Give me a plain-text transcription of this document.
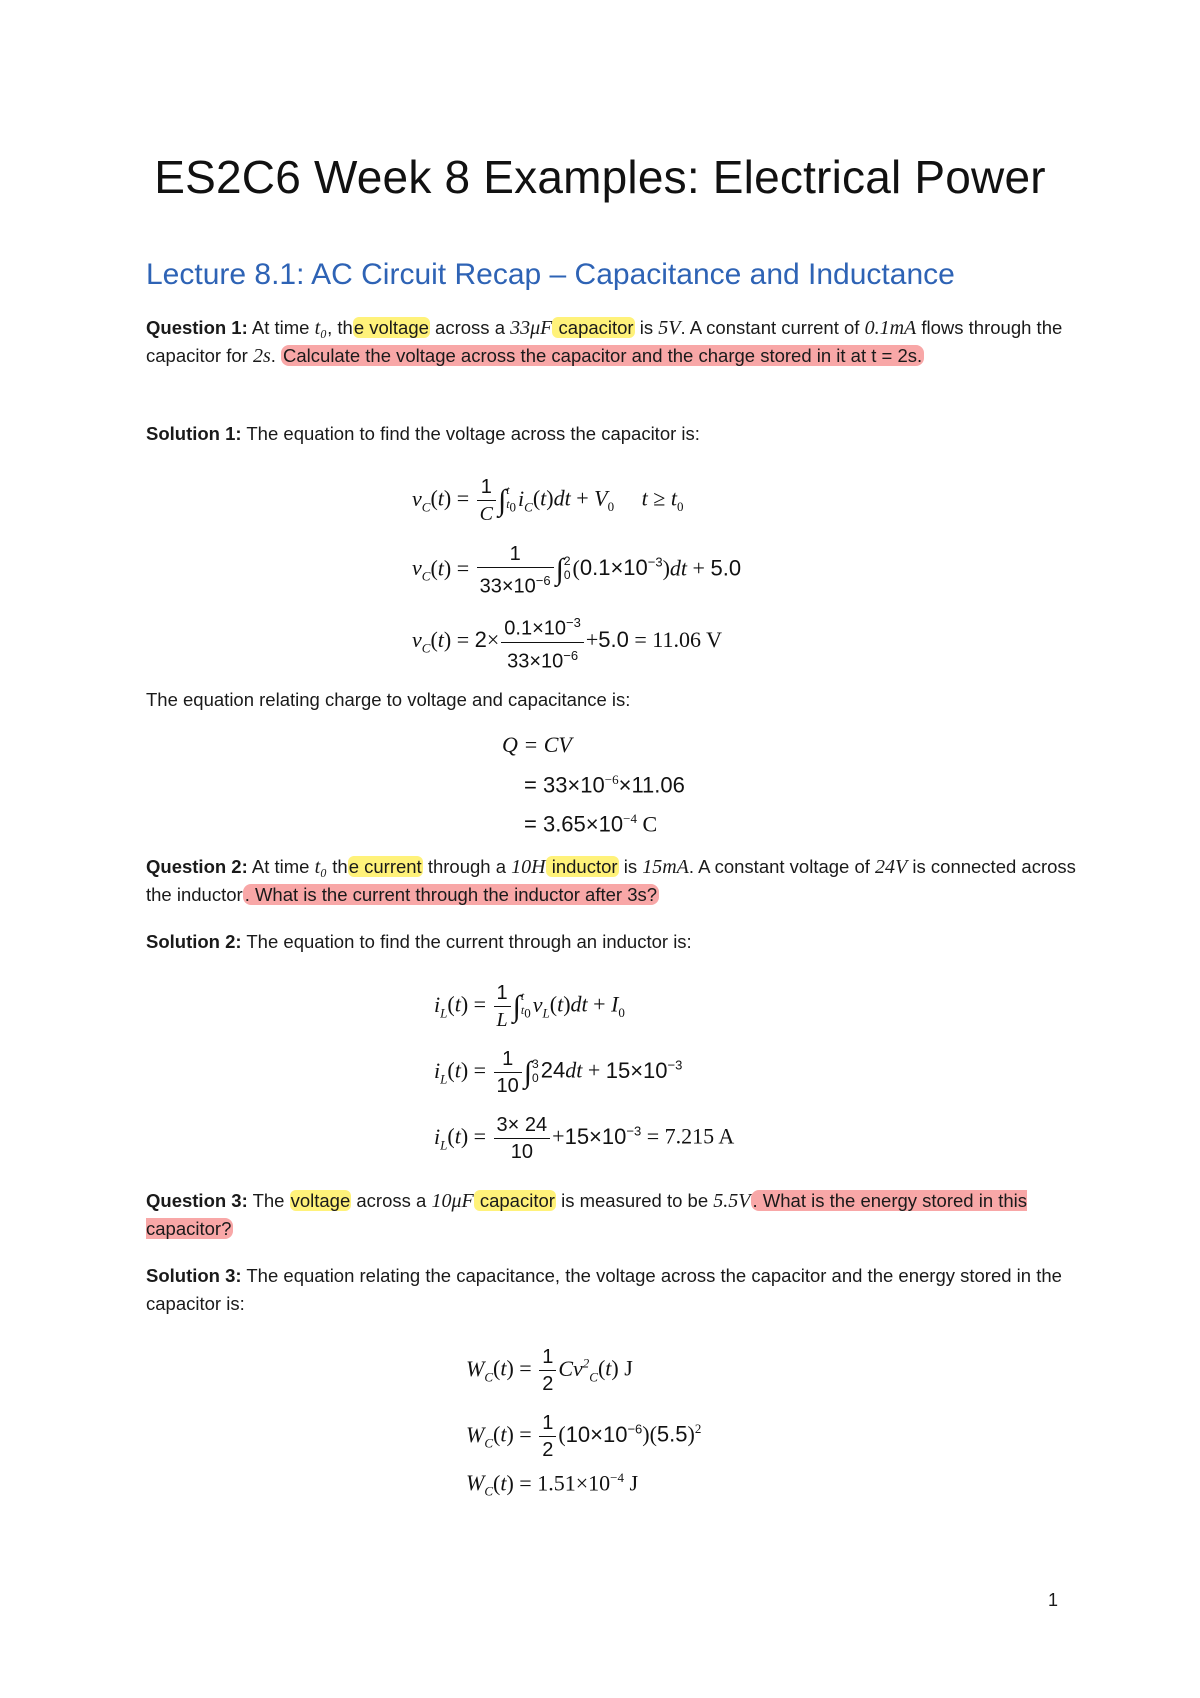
ES2C6 Week 8 Examples: Electrical Power
Lecture 8.1: AC Circuit Recap – Capacitance and Inductance
Question 1: At time t₀, the voltage across a 33μF capacitor is 5V. A constant current of 0.1mA flows through the capacitor for 2s. Calculate the voltage across the capacitor and the charge stored in it at t = 2s.
Solution 1: The equation to find the voltage across the capacitor is:
$v_C(t) = \frac{1}{C} \int t$
$t_0i_C(t)dt + V_0$ $t \ge t_0$
$v_C(t) = \frac{1}{33\times 10^{-6}} \int 2$
$0(0.1\times 10^{-3})dt + 5.0$
$v_C(t) = 2\times \frac{0.1\times 10^{-3}}{33\times 10^{-6}} +5.0 = 11.06$ V
The equation relating charge to voltage and capacitance is:
Q = CV
= $33\times 10^{-6}\times 11.06$
= $3.65\times 10^{-4}$ C
Question 2: At time t₀ the current through a 10H inductor is 15mA. A constant voltage of 24V is connected across the inductor . What is the current through the inductor after 3s?
Solution 2: The equation to find the current through an inductor is:
$i_L(t) = \frac{1}{L} \int t$
$t_0v_L(t)dt + I_0$
$i_L(t) = \frac{1}{10} \int 3$
$024dt + 15\times 10^{-3}$
$i_L(t) = \frac{3\times 24}{10} +15\times 10^{-3} = 7.215$ A
Question 3: The voltage across a 10μF capacitor is measured to be 5.5V . What is the energy stored in this capacitor?
Solution 3: The equation relating the capacitance, the voltage across the capacitor and the energy stored in the capacitor is:
$W_C(t) = \frac{1}{2} Cv^2_C(t)$ J
$W_C(t) = \frac{1}{2} (10\times 10^{-6})(5.5)^2$
$W_C(t) = 1.51\times 10^{-4}$ J
1
